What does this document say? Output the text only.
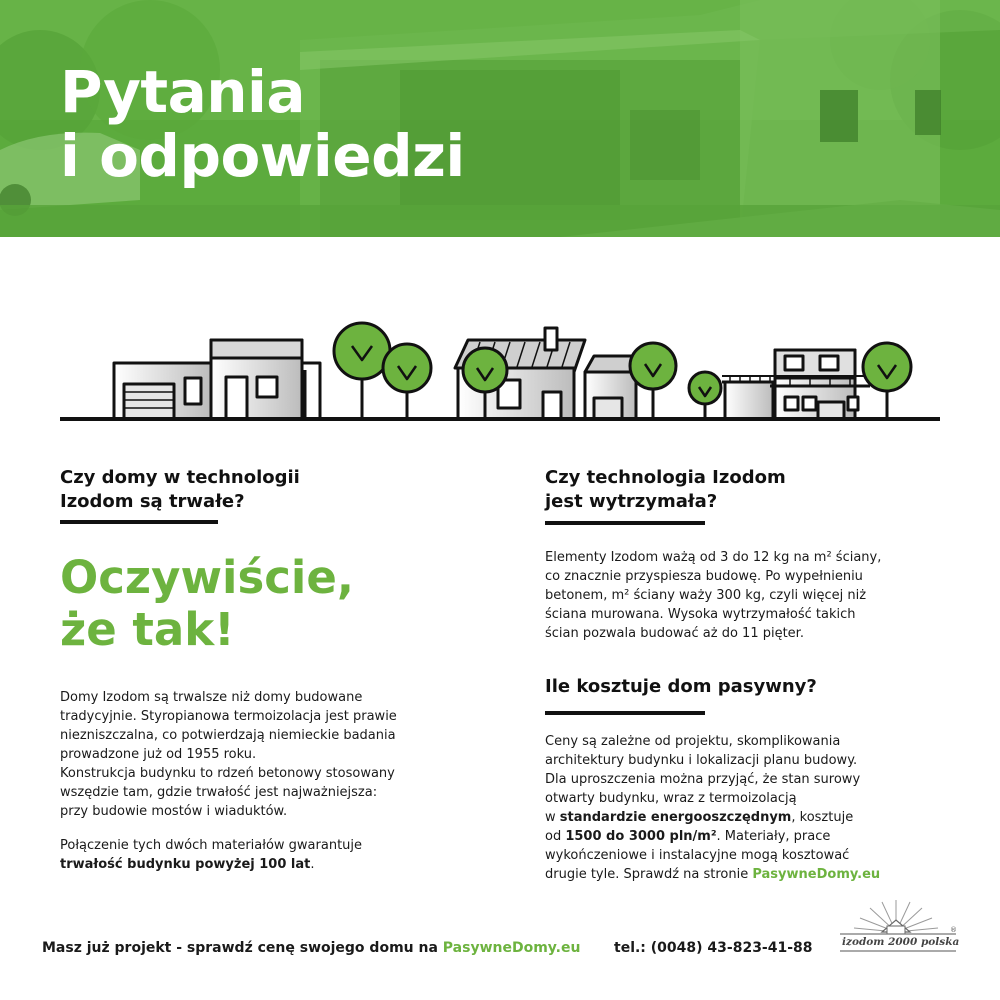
Pytania
i odpowiedzi
Czy domy w technologii
Izodom są trwałe?
Oczywiście,
że tak!

Domy Izodom są trwalsze niż domy budowane
tradycyjnie. Styropianowa termoizolacja jest prawie
niezniszczalna, co potwierdzają niemieckie badania
prowadzone już od 1955 roku.
Konstrukcja budynku to rdzeń betonowy stosowany
wszędzie tam, gdzie trwałość jest najważniejsza:
przy budowie mostów i wiaduktów.

Połączenie tych dwóch materiałów gwarantuje
trwałość budynku powyżej 100 lat.

Czy technologia Izodom
jest wytrzymała?

Elementy Izodom ważą od 3 do 12 kg na m² ściany,
co znacznie przyspiesza budowę. Po wypełnieniu
betonem, m² ściany waży 300 kg, czyli więcej niż
ściana murowana. Wysoka wytrzymałość takich
ścian pozwala budować aż do 11 pięter.

Ile kosztuje dom pasywny?

Ceny są zależne od projektu, skomplikowania
architektury budynku i lokalizacji planu budowy.
Dla uproszczenia można przyjąć, że stan surowy
otwarty budynku, wraz z termoizolacją
w standardzie energooszczędnym, kosztuje
od 1500 do 3000 pln/m². Materiały, prace
wykończeniowe i instalacyjne mogą kosztować
drugie tyle. Sprawdź na stronie PasywneDomy.eu

Masz już projekt - sprawdź cenę swojego domu na PasywneDomy.eu tel.: (0048) 43-823-41-88	izodom 2000 polska
®
